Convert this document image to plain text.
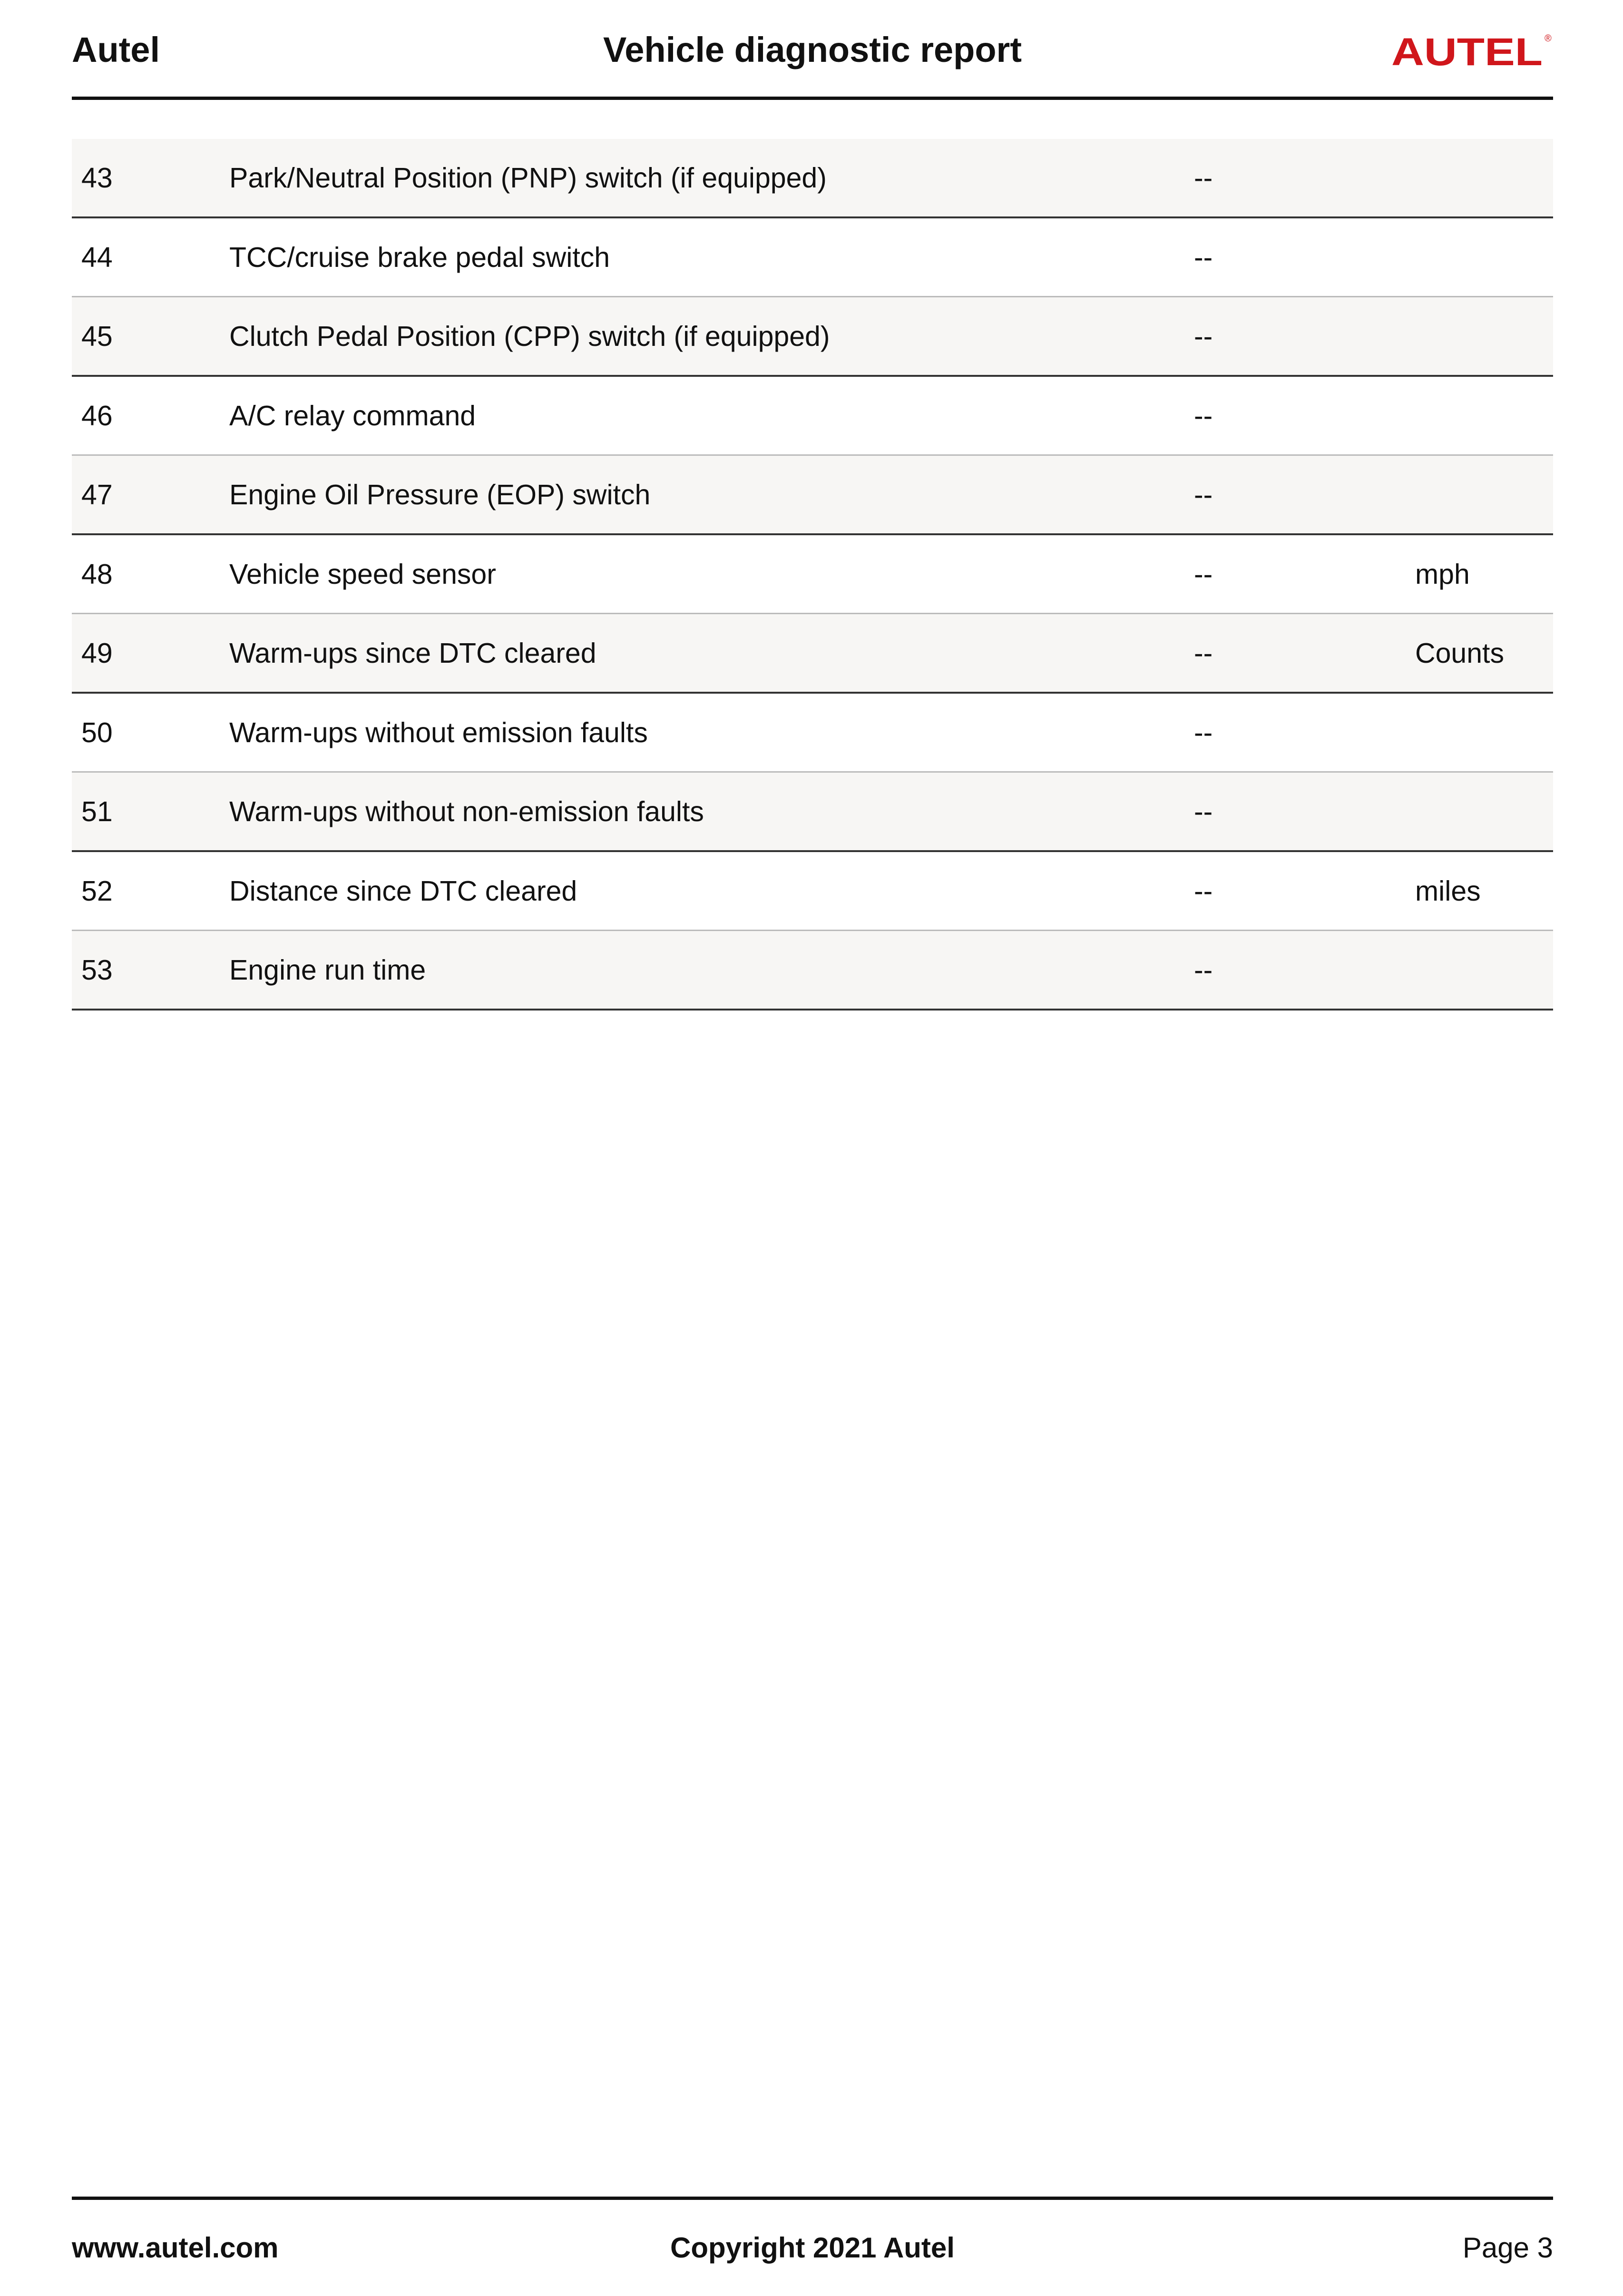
Autel	Vehicle diagnostic report	AUTEL ®
43	Park/Neutral Position (PNP) switch (if equipped)	--	
44	TCC/cruise brake pedal switch	--	
45	Clutch Pedal Position (CPP) switch (if equipped)	--	
46	A/C relay command	--	
47	Engine Oil Pressure (EOP) switch	--	
48	Vehicle speed sensor	--	mph
49	Warm-ups since DTC cleared	--	Counts
50	Warm-ups without emission faults	--	
51	Warm-ups without non-emission faults	--	
52	Distance since DTC cleared	--	miles
53	Engine run time	--	
www.autel.com	Copyright 2021 Autel	Page 3
